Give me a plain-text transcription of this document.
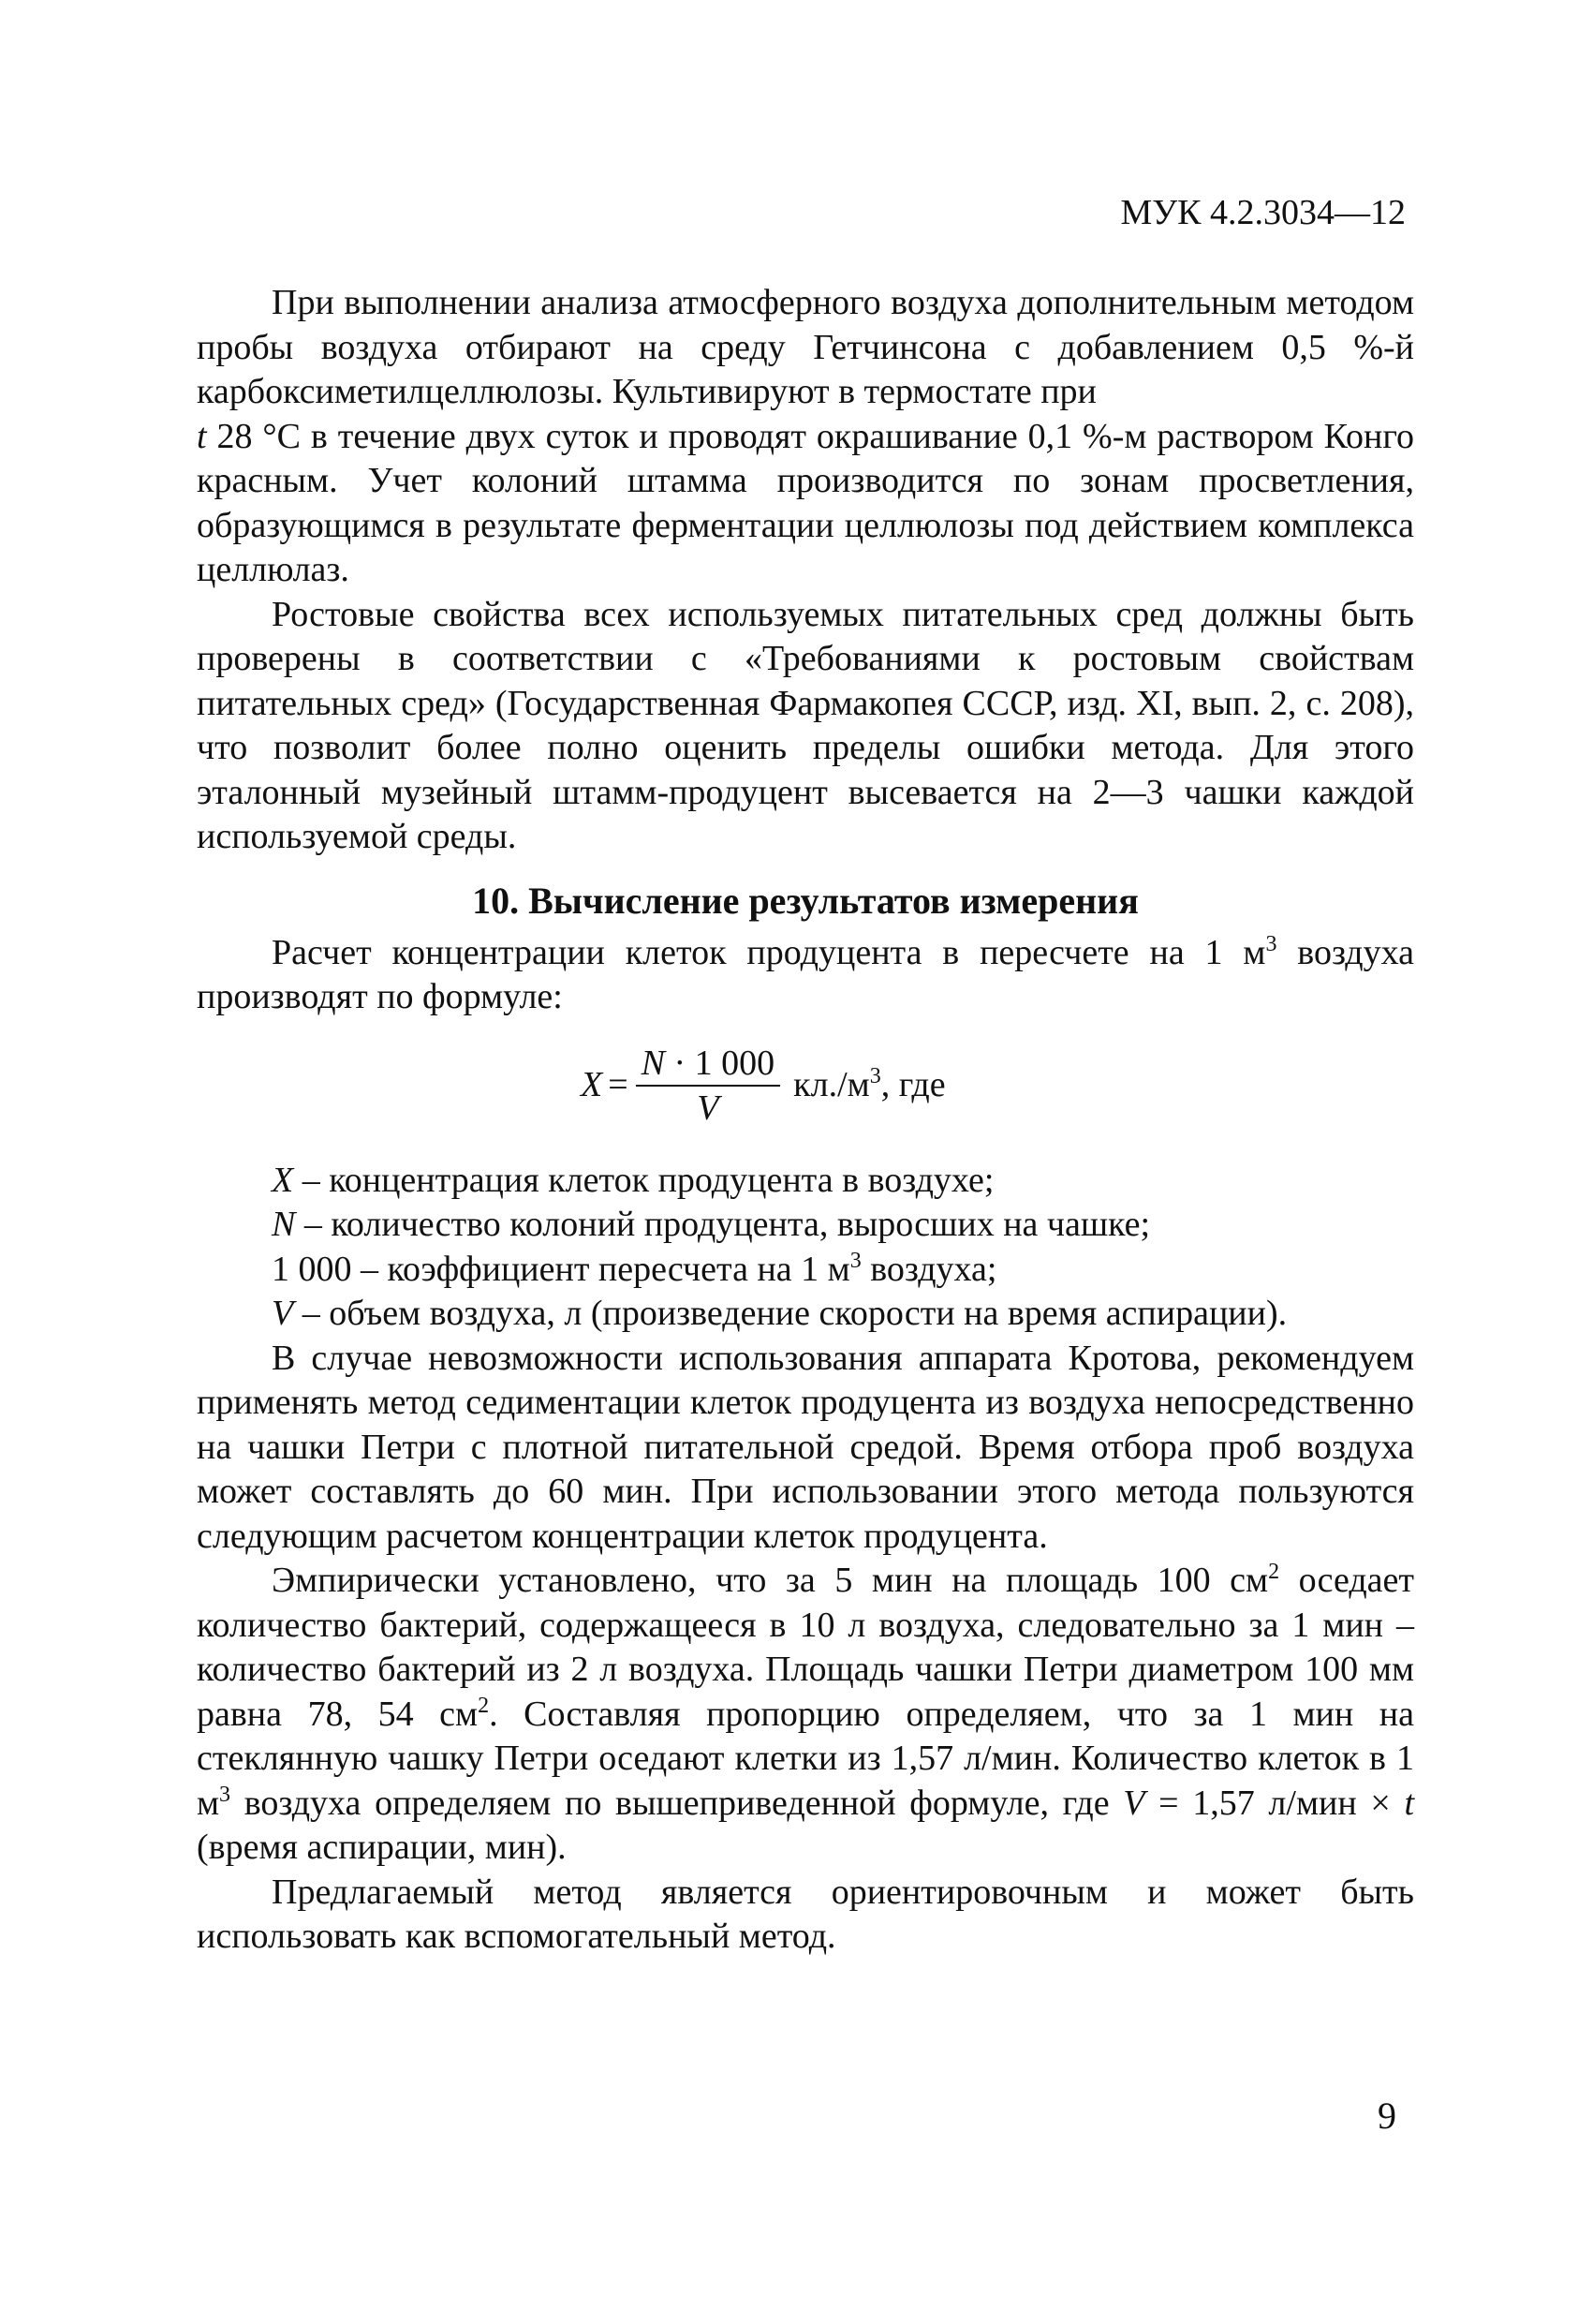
МУК 4.2.3034—12

При выполнении анализа атмосферного воздуха дополнительным методом пробы воздуха отбирают на среду Гетчинсона с добавлением 0,5 %-й карбоксиметилцеллюлозы. Культивируют в термостате при
t 28 °С в течение двух суток и проводят окрашивание 0,1 %-м раствором Конго красным. Учет колоний штамма производится по зонам просветления, образующимся в результате ферментации целлюлозы под действием комплекса целлюлаз.

Ростовые свойства всех используемых питательных сред должны быть проверены в соответствии с «Требованиями к ростовым свойствам питательных сред» (Государственная Фармакопея СССР, изд. XI, вып. 2, с. 208), что позволит более полно оценить пределы ошибки метода. Для этого эталонный музейный штамм-продуцент высевается на 2—3 чашки каждой используемой среды.

10. Вычисление результатов измерения

Расчет концентрации клеток продуцента в пересчете на 1 $м^3$ воздуха производят по формуле:

$X = \frac{N \cdot 1 000}{V} кл./м^3$, где

X – концентрация клеток продуцента в воздухе;

N – количество колоний продуцента, выросших на чашке;

1 000 – коэффициент пересчета на 1 $м^3$ воздуха;

V – объем воздуха, л (произведение скорости на время аспирации).

В случае невозможности использования аппарата Кротова, рекомендуем применять метод седиментации клеток продуцента из воздуха непосредственно на чашки Петри с плотной питательной средой. Время отбора проб воздуха может составлять до 60 мин. При использовании этого метода пользуются следующим расчетом концентрации клеток продуцента.

Эмпирически установлено, что за 5 мин на площадь 100 $см^2$ оседает количество бактерий, содержащееся в 10 л воздуха, следовательно за 1 мин – количество бактерий из 2 л воздуха. Площадь чашки Петри диаметром 100 мм равна 78, 54 $см^2$. Составляя пропорцию определяем, что за 1 мин на стеклянную чашку Петри оседают клетки из 1,57 л/мин. Количество клеток в 1 $м^3$ воздуха определяем по вышеприведенной формуле, где V = 1,57 л/мин × t (время аспирации, мин).

Предлагаемый метод является ориентировочным и может быть использовать как вспомогательный метод.

9
